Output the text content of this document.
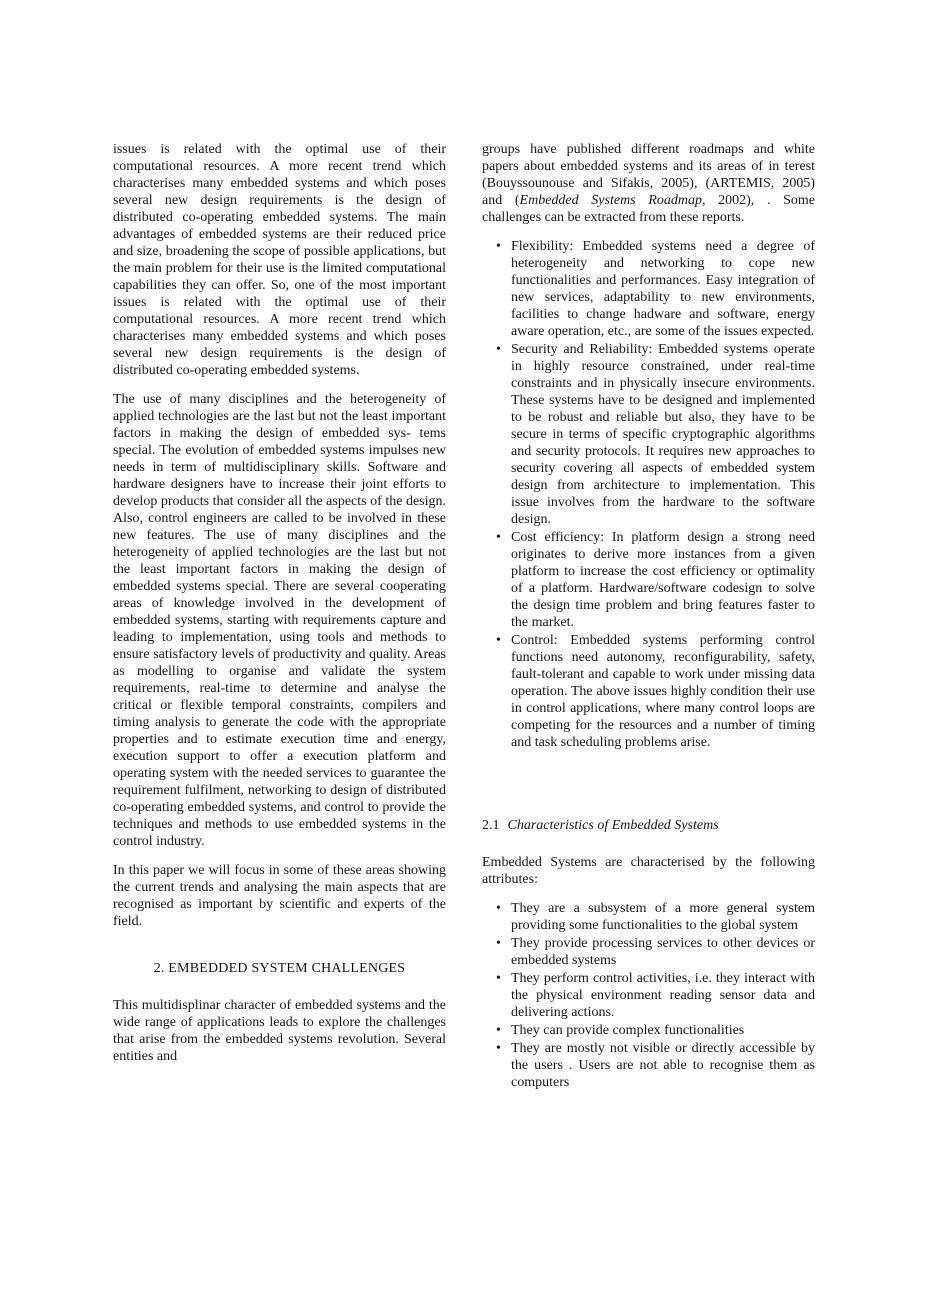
issues is related with the optimal use of their computational resources. A more recent trend which characterises many embedded systems and which poses several new design requirements is the design of distributed co-operating embedded systems. The main advantages of embedded systems are their reduced price and size, broadening the scope of possible applications, but the main problem for their use is the limited computational capabilities they can offer. So, one of the most important issues is related with the optimal use of their computational resources. A more recent trend which characterises many embedded systems and which poses several new design requirements is the design of distributed co-operating embedded systems.

The use of many disciplines and the heterogeneity of applied technologies are the last but not the least important factors in making the design of embedded sys- tems special. The evolution of embedded systems impulses new needs in term of multidisciplinary skills. Software and hardware designers have to increase their joint efforts to develop products that consider all the aspects of the design. Also, control engineers are called to be involved in these new features. The use of many disciplines and the heterogeneity of applied technologies are the last but not the least important factors in making the design of embedded systems special. There are several cooperating areas of knowledge involved in the development of embedded systems, starting with requirements capture and leading to implementation, using tools and methods to ensure satisfactory levels of productivity and quality. Areas as modelling to organise and validate the system requirements, real-time to determine and analyse the critical or flexible temporal constraints, compilers and timing analysis to generate the code with the appropriate properties and to estimate execution time and energy, execution support to offer a execution platform and operating system with the needed services to guarantee the requirement fulfilment, networking to design of distributed co-operating embedded systems, and control to provide the techniques and methods to use embedded systems in the control industry.

In this paper we will focus in some of these areas showing the current trends and analysing the main aspects that are recognised as important by scientific and experts of the field.

2. EMBEDDED SYSTEM CHALLENGES

This multidisplinar character of embedded systems and the wide range of applications leads to explore the challenges that arise from the embedded systems revolution. Several entities and

groups have published different roadmaps and white papers about embedded systems and its areas of in terest (Bouyssounouse and Sifakis, 2005), (ARTEMIS, 2005) and (Embedded Systems Roadmap, 2002), . Some challenges can be extracted from these reports.

• Flexibility: Embedded systems need a degree of heterogeneity and networking to cope new functionalities and performances. Easy integration of new services, adaptability to new environments, facilities to change hadware and software, energy aware operation, etc., are some of the issues expected.
• Security and Reliability: Embedded systems operate in highly resource constrained, under real-time constraints and in physically insecure environments. These systems have to be designed and implemented to be robust and reliable but also, they have to be secure in terms of specific cryptographic algorithms and security protocols. It requires new approaches to security covering all aspects of embedded system design from architecture to implementation. This issue involves from the hardware to the software design.
• Cost efficiency: In platform design a strong need originates to derive more instances from a given platform to increase the cost efficiency or optimality of a platform. Hardware/software codesign to solve the design time problem and bring features faster to the market.
• Control: Embedded systems performing control functions need autonomy, reconfigurability, safety, fault-tolerant and capable to work under missing data operation. The above issues highly condition their use in control applications, where many control loops are competing for the resources and a number of timing and task scheduling problems arise.
2.1 Characteristics of Embedded Systems

Embedded Systems are characterised by the following attributes:

• They are a subsystem of a more general system providing some functionalities to the global system
• They provide processing services to other devices or embedded systems
• They perform control activities, i.e. they interact with the physical environment reading sensor data and delivering actions.
• They can provide complex functionalities
• They are mostly not visible or directly accessible by the users . Users are not able to recognise them as computers
